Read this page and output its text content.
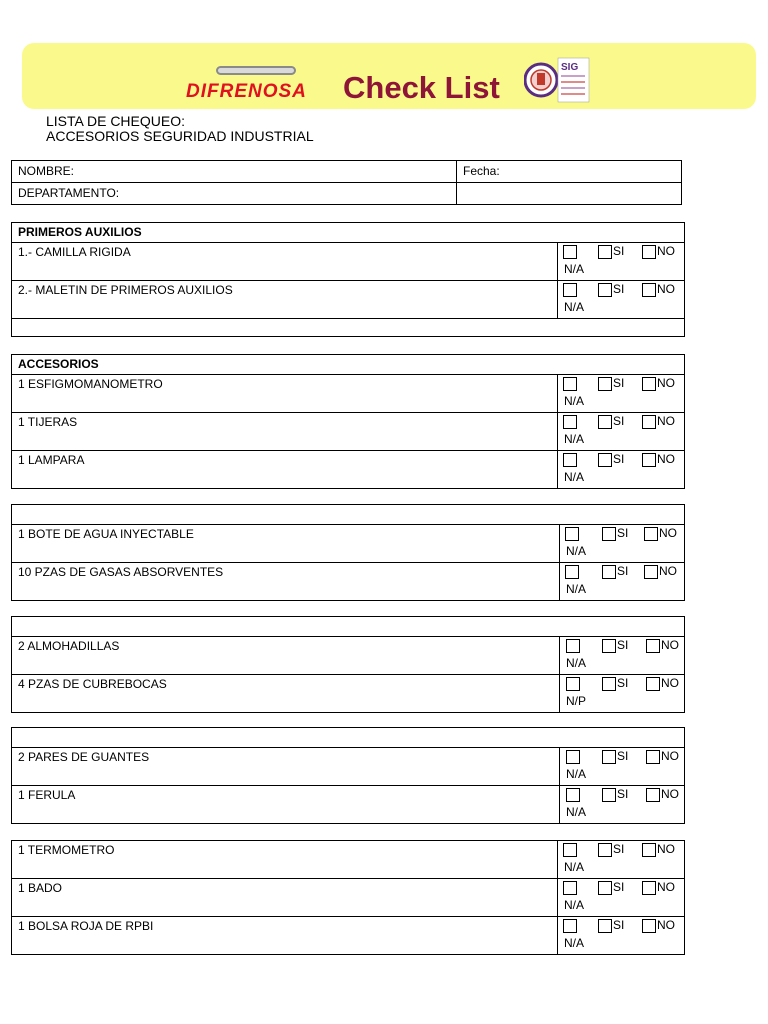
DIFRENOSA Check List
SIG
LISTA DE CHEQUEO:
ACCESORIOS SEGURIDAD INDUSTRIAL
NOMBRE:	Fecha:
DEPARTAMENTO:	
PRIMEROS AUXILIOS	
1.- CAMILLA RIGIDA	SI NO
N/A

2.- MALETIN DE PRIMEROS AUXILIOS	SI NO
N/A

ACCESORIOS	
1 ESFIGMOMANOMETRO	SI NO
N/A

1 TIJERAS	SI NO
N/A

1 LAMPARA	SI NO
N/A

1 BOTE DE AGUA INYECTABLE	SI NO
N/A

10 PZAS DE GASAS ABSORVENTES	SI NO
N/A

2 ALMOHADILLAS	SI NO
N/A

4 PZAS DE CUBREBOCAS	SI NO
N/P

2 PARES DE GUANTES	SI NO
N/A

1 FERULA	SI NO
N/A
1 TERMOMETRO	SI NO
N/A

1 BADO	SI NO
N/A

1 BOLSA ROJA DE RPBI	SI NO
N/A
